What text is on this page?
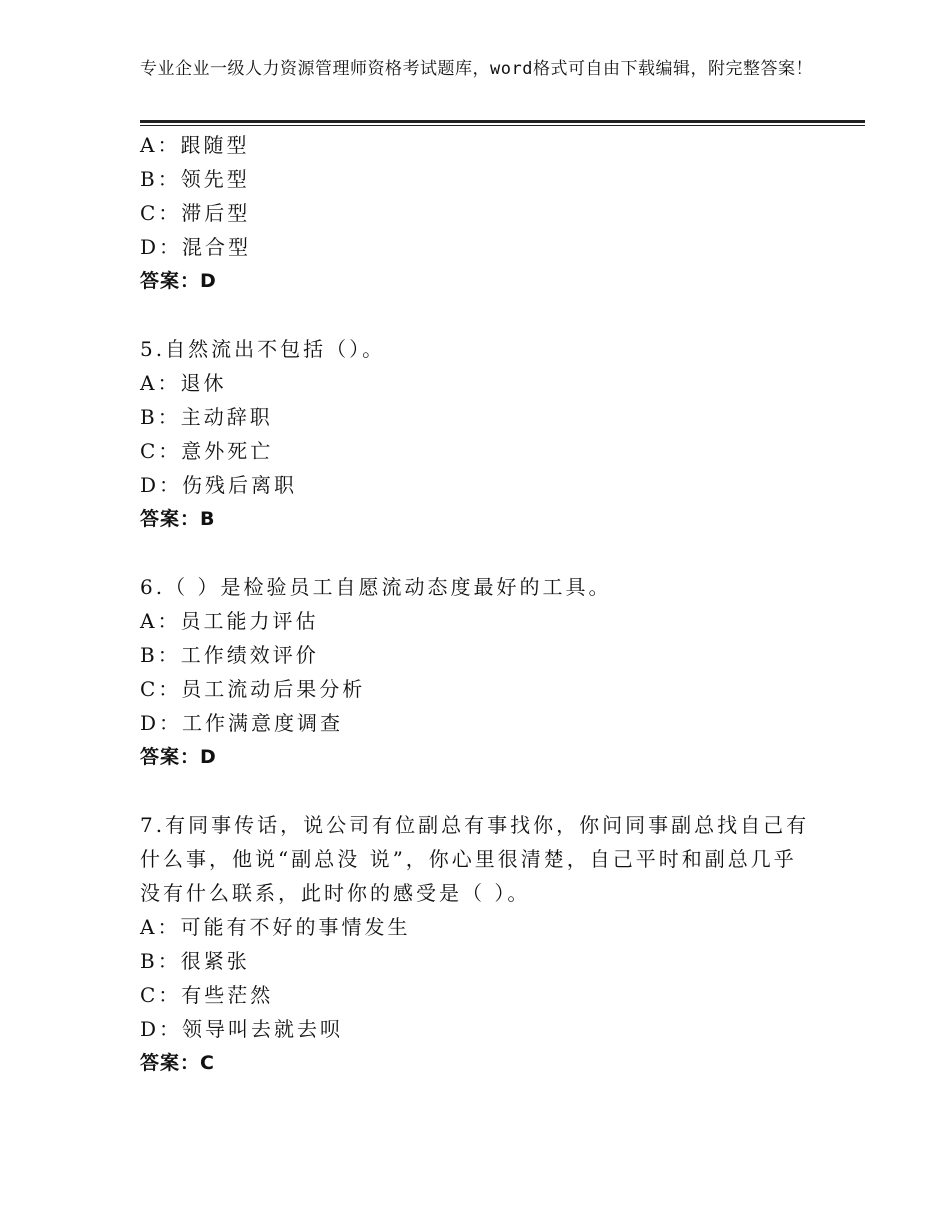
专业企业一级人力资源管理师资格考试题库，word格式可自由下载编辑，附完整答案！
A：跟随型
B：领先型
C：滞后型
D：混合型
答案：D
5.自然流出不包括（）。
A：退休
B：主动辞职
C：意外死亡
D：伤残后离职
答案：B
6.（ ）是检验员工自愿流动态度最好的工具。
A：员工能力评估
B：工作绩效评价
C：员工流动后果分析
D：工作满意度调查
答案：D
7.有同事传话，说公司有位副总有事找你，你问同事副总找自己有什么事，他说“副总没 说”，你心里很清楚，自己平时和副总几乎没有什么联系，此时你的感受是（ ）。
A：可能有不好的事情发生
B：很紧张
C：有些茫然
D：领导叫去就去呗
答案：C
